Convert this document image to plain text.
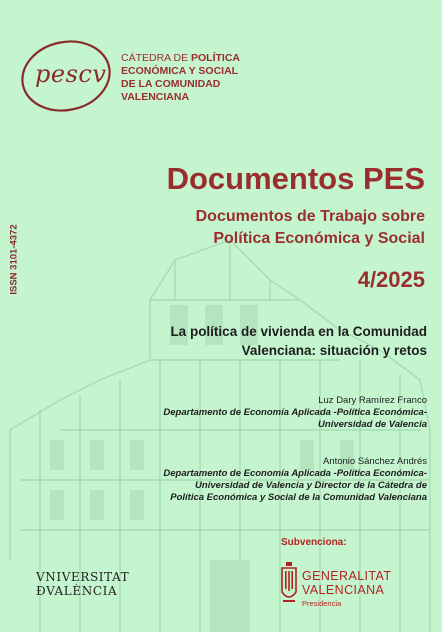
pescv
CÁTEDRA DE POLÍTICA
ECONÓMICA Y SOCIAL
DE LA COMUNIDAD
VALENCIANA
ISSN 3101-4372
Documentos PES
Documentos de Trabajo sobre
Política Económica y Social
4/2025
La política de vivienda en la Comunidad
Valenciana: situación y retos
Luz Dary Ramírez Franco
Departamento de Economía Aplicada -Política Económica-
Universidad de Valencia
Antonio Sánchez Andrés
Departamento de Economía Aplicada -Política Económica-
Universidad de Valencia y Director de la Cátedra de
Política Económica y Social de la Comunidad Valenciana
VNIVERSITAT
ÐVALÈNCIA
Subvenciona:
GENERALITAT
VALENCIANA
Presidencia
